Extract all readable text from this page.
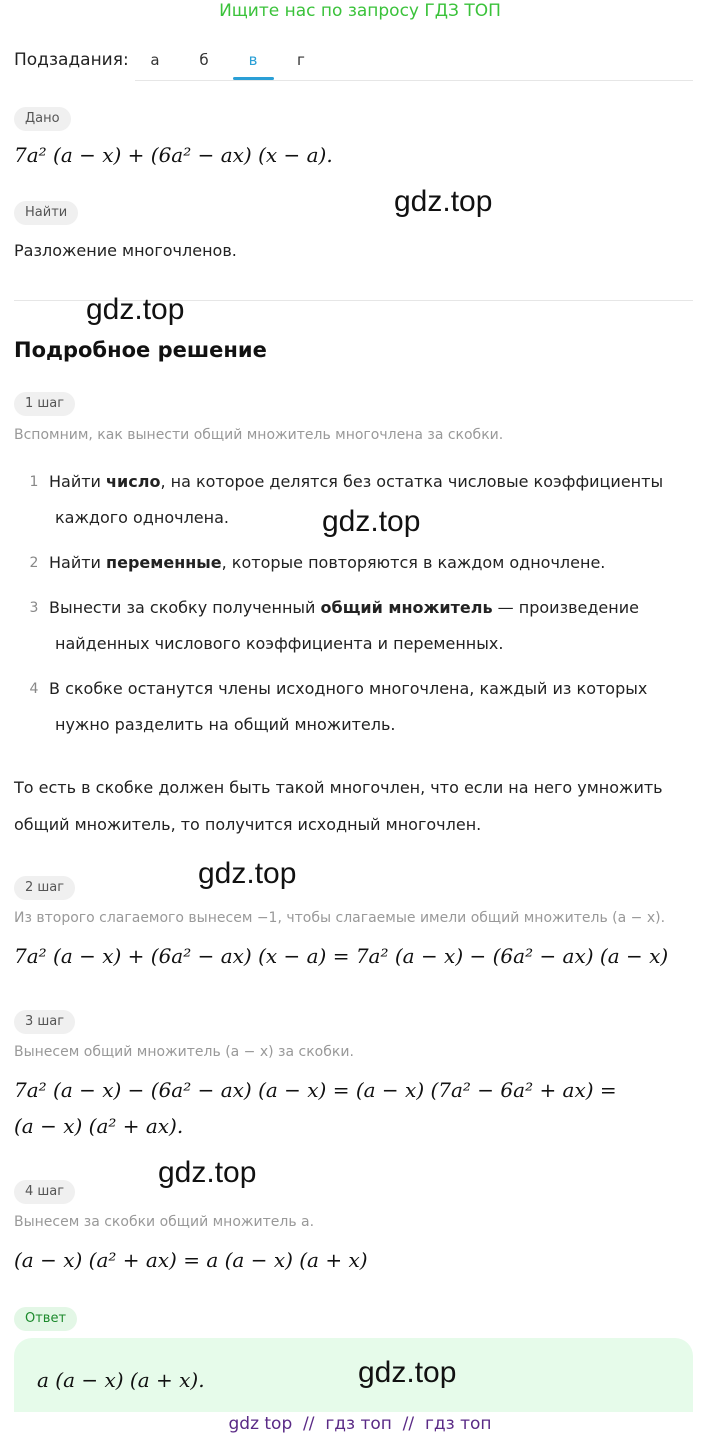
Ищите нас по запросу ГДЗ ТОП
Подзадания:	а	б	в	г
Дано
7a² (a − x) + (6a² − ax) (x − a).
Найти
Разложение многочленов.
Подробное решение
1 шаг
Вспомним, как вынести общий множитель многочлена за скобки.
1 Найти число, на которое делятся без остатка числовые коэффициенты
каждого одночлена.
2 Найти переменные, которые повторяются в каждом одночлене.
3 Вынести за скобку полученный общий множитель — произведение
найденных числового коэффициента и переменных.
4 В скобке останутся члены исходного многочлена, каждый из которых
нужно разделить на общий множитель.
То есть в скобке должен быть такой многочлен, что если на него умножить
общий множитель, то получится исходный многочлен.
2 шаг
Из второго слагаемого вынесем −1, чтобы слагаемые имели общий множитель (a − x).
7a² (a − x) + (6a² − ax) (x − a) = 7a² (a − x) − (6a² − ax) (a − x)
3 шаг
Вынесем общий множитель (a − x) за скобки.
7a² (a − x) − (6a² − ax) (a − x) = (a − x) (7a² − 6a² + ax) =
(a − x) (a² + ax).
4 шаг
Вынесем за скобки общий множитель a.
(a − x) (a² + ax) = a (a − x) (a + x)
Ответ
a (a − x) (a + x).
gdz.top
gdz.top
gdz.top
gdz.top
gdz.top
gdz.top
gdz top  //  гдз топ  //  гдз топ
